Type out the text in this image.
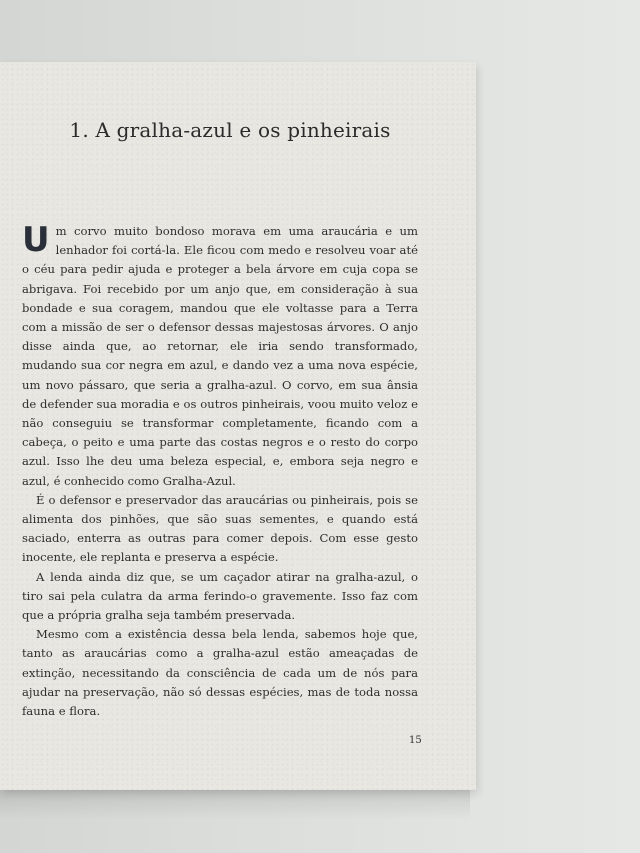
1. A gralha-azul e os pinheirais

Um corvo muito bondoso morava em uma araucária e um lenhador foi cortá-la. Ele ficou com medo e resolveu voar até o céu para pedir ajuda e proteger a bela árvore em cuja copa se abrigava. Foi recebido por um anjo que, em consideração à sua bondade e sua coragem, mandou que ele voltasse para a Terra com a missão de ser o defensor dessas majestosas árvores. O anjo disse ainda que, ao retornar, ele iria sendo transformado, mudando sua cor negra em azul, e dando vez a uma nova espécie, um novo pássaro, que seria a gralha-azul. O corvo, em sua ânsia de defender sua moradia e os outros pinheirais, voou muito veloz e não conseguiu se transformar completamente, ficando com a cabeça, o peito e uma parte das costas negros e o resto do corpo azul. Isso lhe deu uma beleza especial, e, embora seja negro e azul, é conhecido como Gralha-Azul.

É o defensor e preservador das araucárias ou pinheirais, pois se alimenta dos pinhões, que são suas sementes, e quando está saciado, enterra as outras para comer depois. Com esse gesto inocente, ele replanta e preserva a espécie.

A lenda ainda diz que, se um caçador atirar na gralha-azul, o tiro sai pela culatra da arma ferindo-o gravemente. Isso faz com que a própria gralha seja também preservada.

Mesmo com a existência dessa bela lenda, sabemos hoje que, tanto as araucárias como a gralha-azul estão ameaçadas de extinção, necessitando da consciência de cada um de nós para ajudar na preservação, não só dessas espécies, mas de toda nossa fauna e flora.

15
